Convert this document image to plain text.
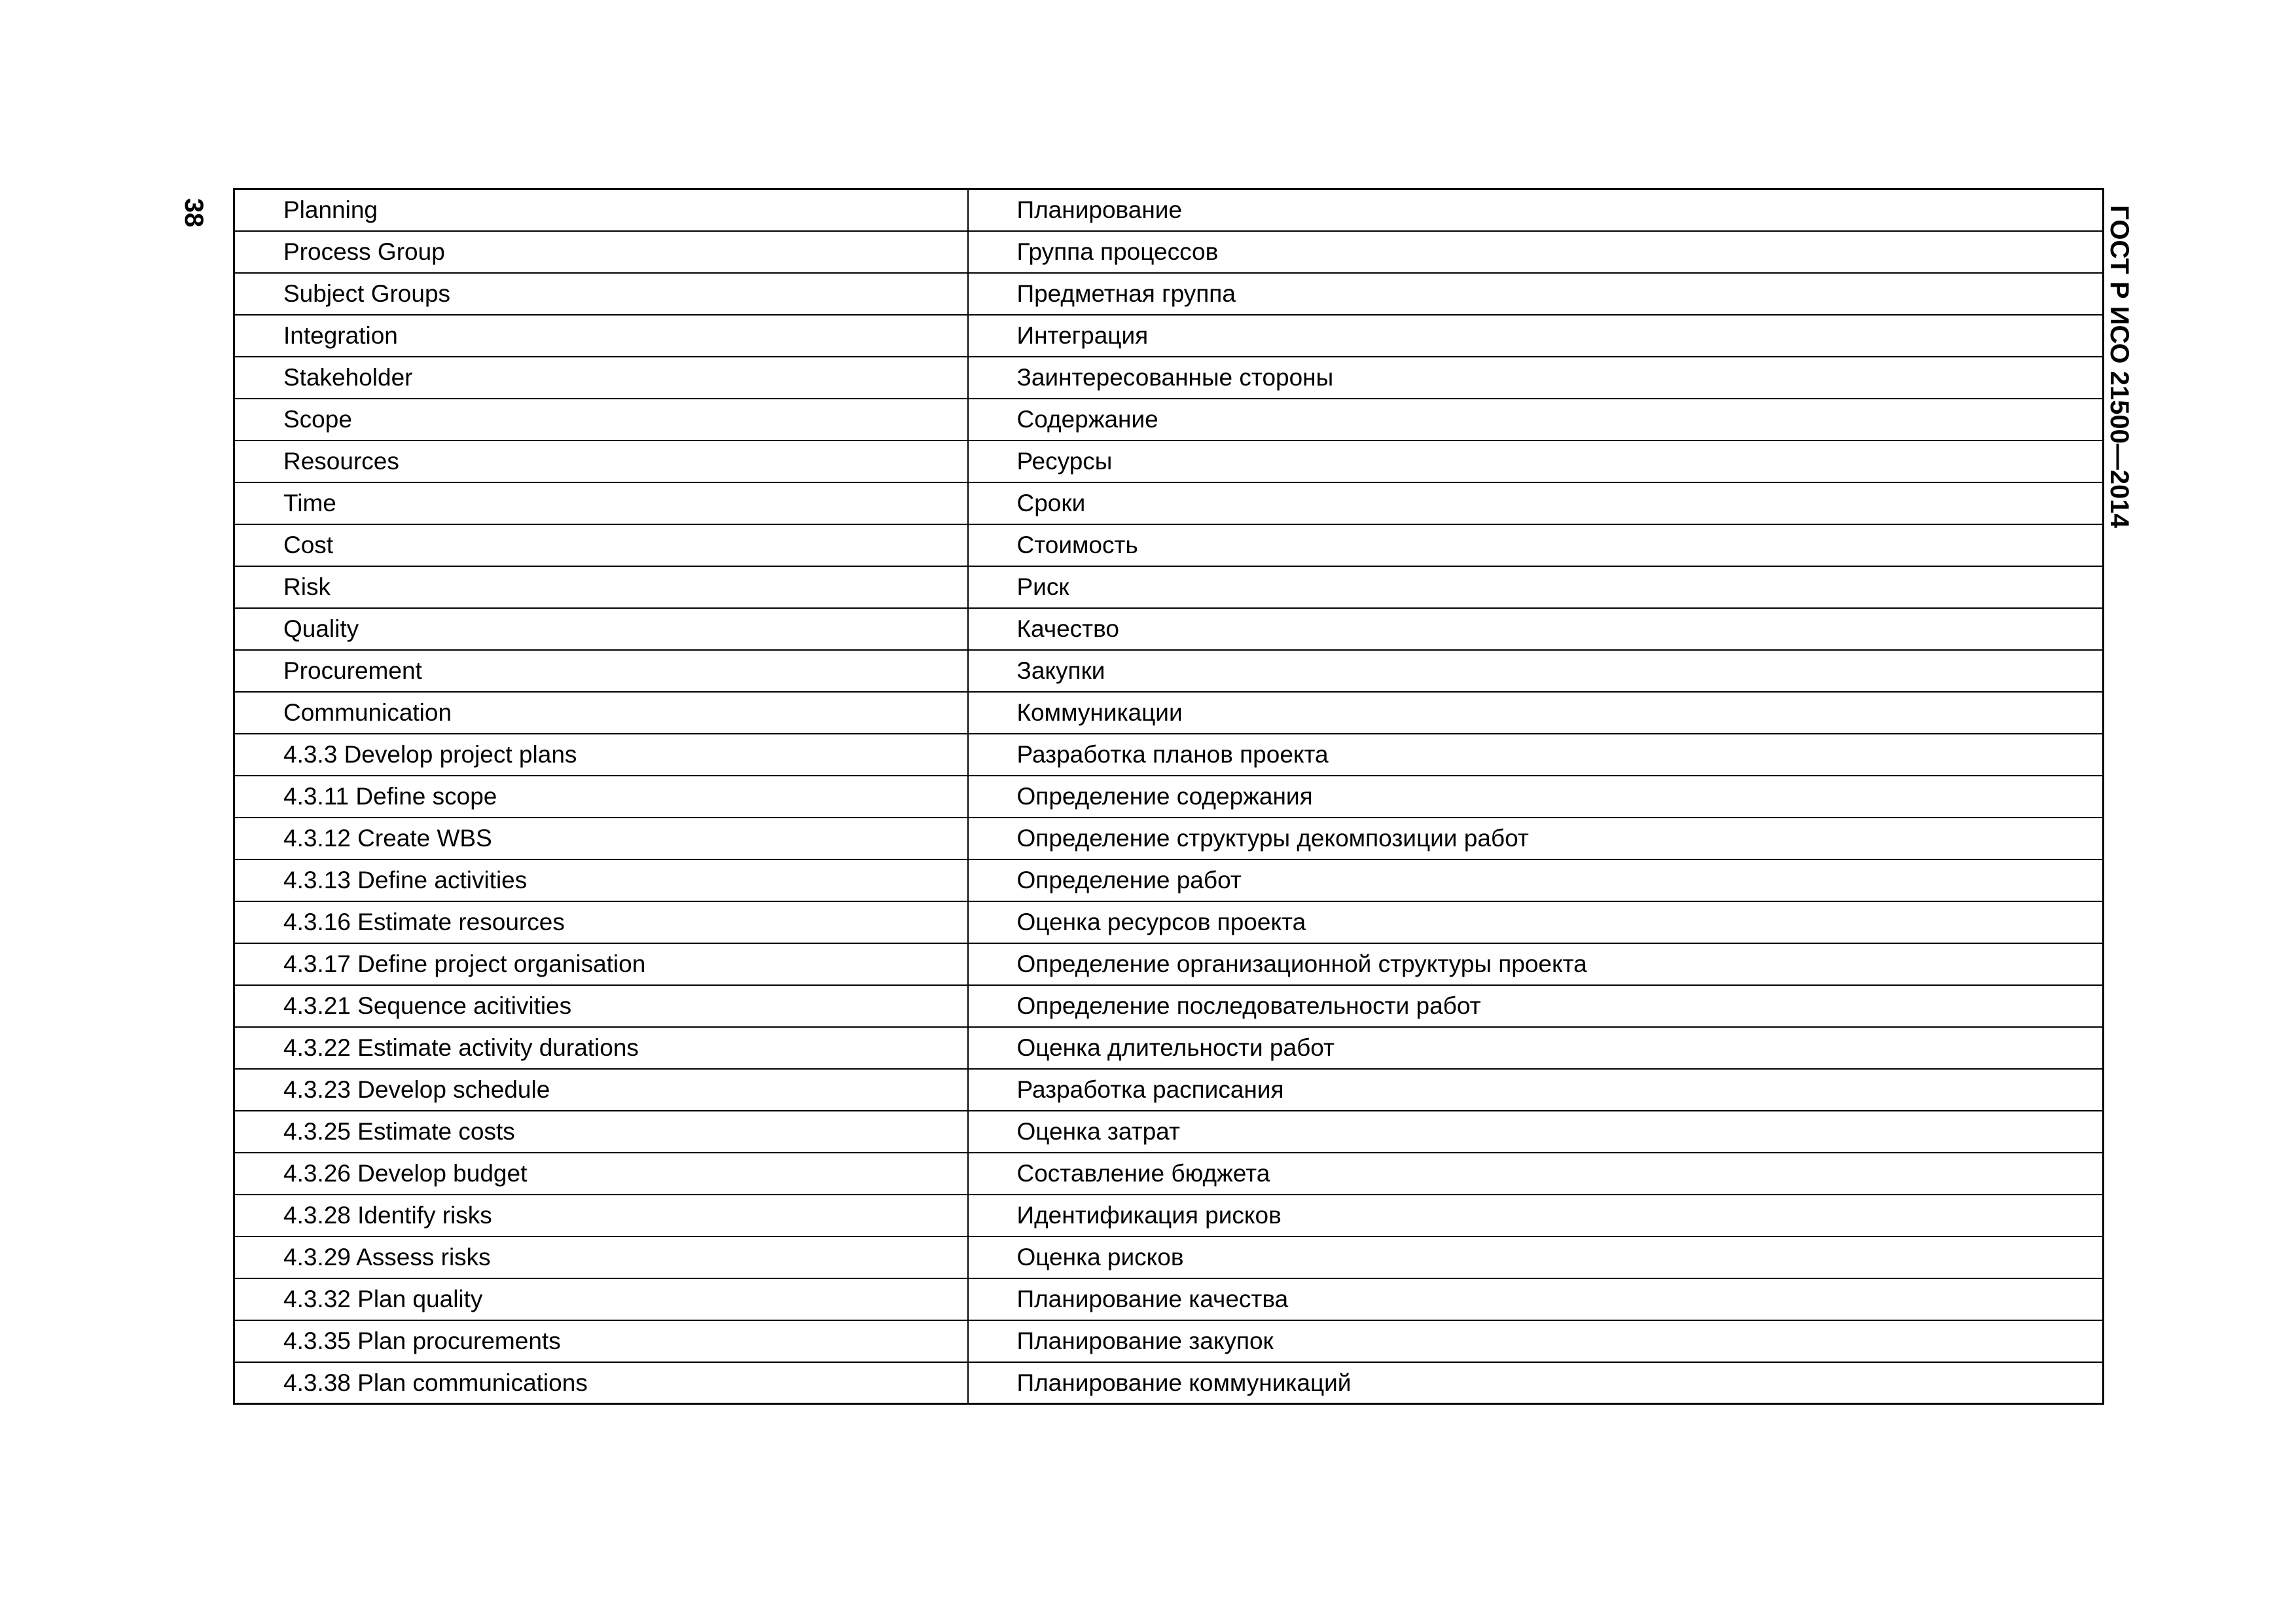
38	ГОСТ Р ИСО 21500—2014
Planning	Планирование
Process Group	Группа процессов
Subject Groups	Предметная группа
Integration	Интеграция
Stakeholder	Заинтересованные стороны
Scope	Содержание
Resources	Ресурсы
Time	Сроки
Cost	Стоимость
Risk	Риск
Quality	Качество
Procurement	Закупки
Communication	Коммуникации
4.3.3 Develop project plans	Разработка планов проекта
4.3.11 Define scope	Определение содержания
4.3.12 Create WBS	Определение структуры декомпозиции работ
4.3.13 Define activities	Определение работ
4.3.16 Estimate resources	Оценка ресурсов проекта
4.3.17 Define project organisation	Определение организационной структуры проекта
4.3.21 Sequence acitivities	Определение последовательности работ
4.3.22 Estimate activity durations	Оценка длительности работ
4.3.23 Develop schedule	Разработка расписания
4.3.25 Estimate costs	Оценка затрат
4.3.26 Develop budget	Составление бюджета
4.3.28 Identify risks	Идентификация рисков
4.3.29 Assess risks	Оценка рисков
4.3.32 Plan quality	Планирование качества
4.3.35 Plan procurements	Планирование закупок
4.3.38 Plan communications	Планирование коммуникаций
